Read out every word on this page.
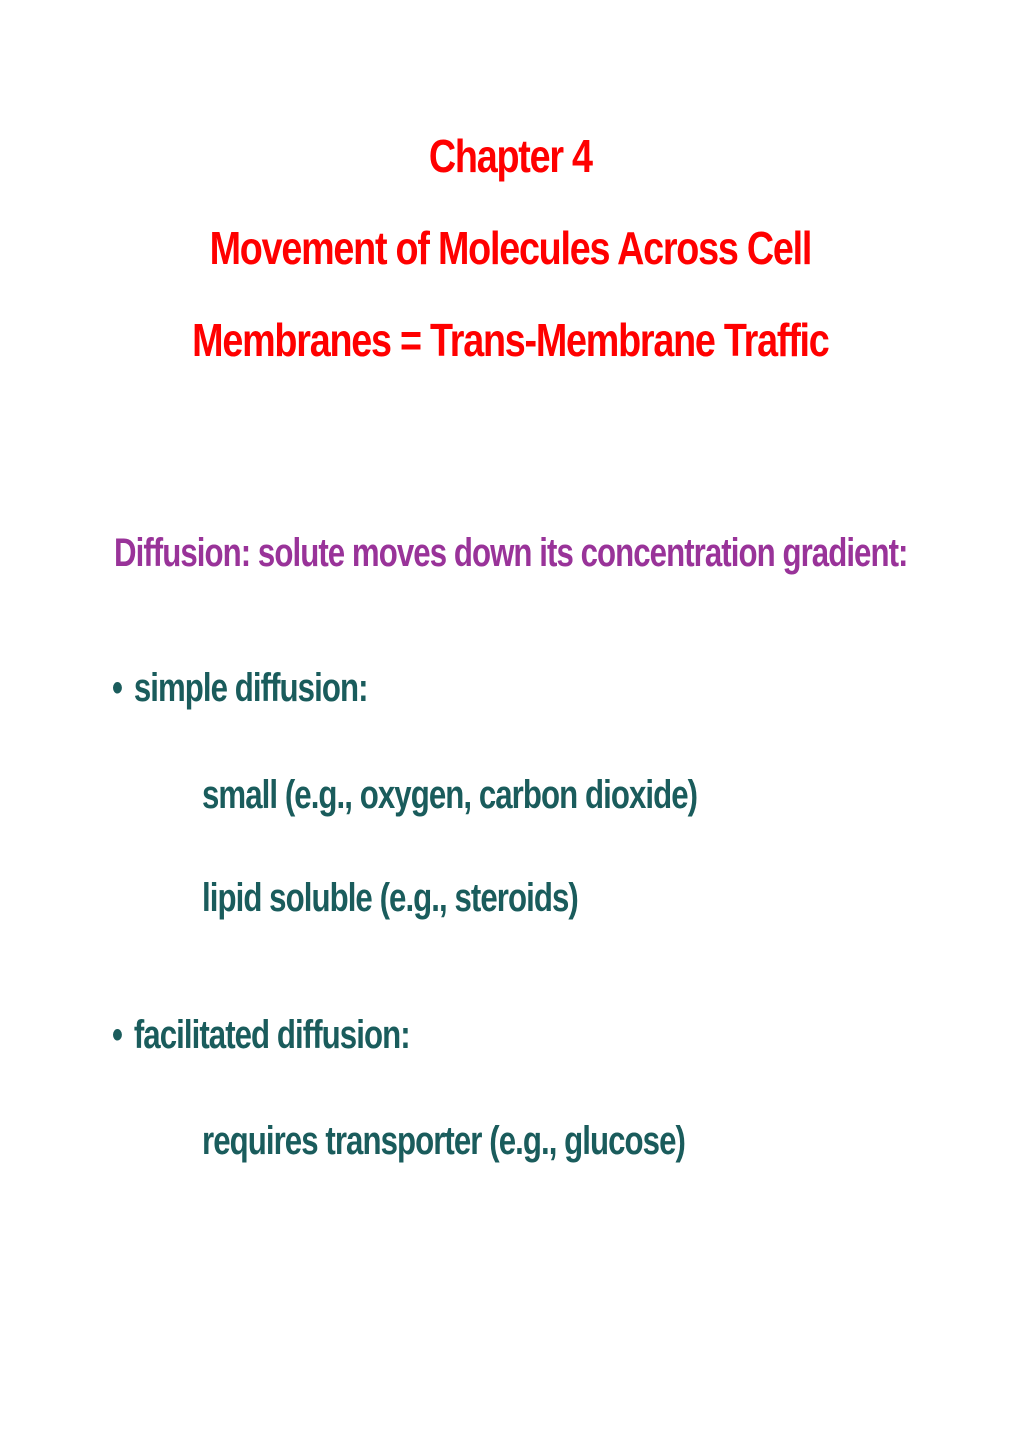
Chapter 4
Movement of Molecules Across Cell
Membranes = Trans-Membrane Traffic
Diffusion: solute moves down its concentration gradient:
• simple diffusion:
small (e.g., oxygen, carbon dioxide)
lipid soluble (e.g., steroids)
• facilitated diffusion:
requires transporter (e.g., glucose)
